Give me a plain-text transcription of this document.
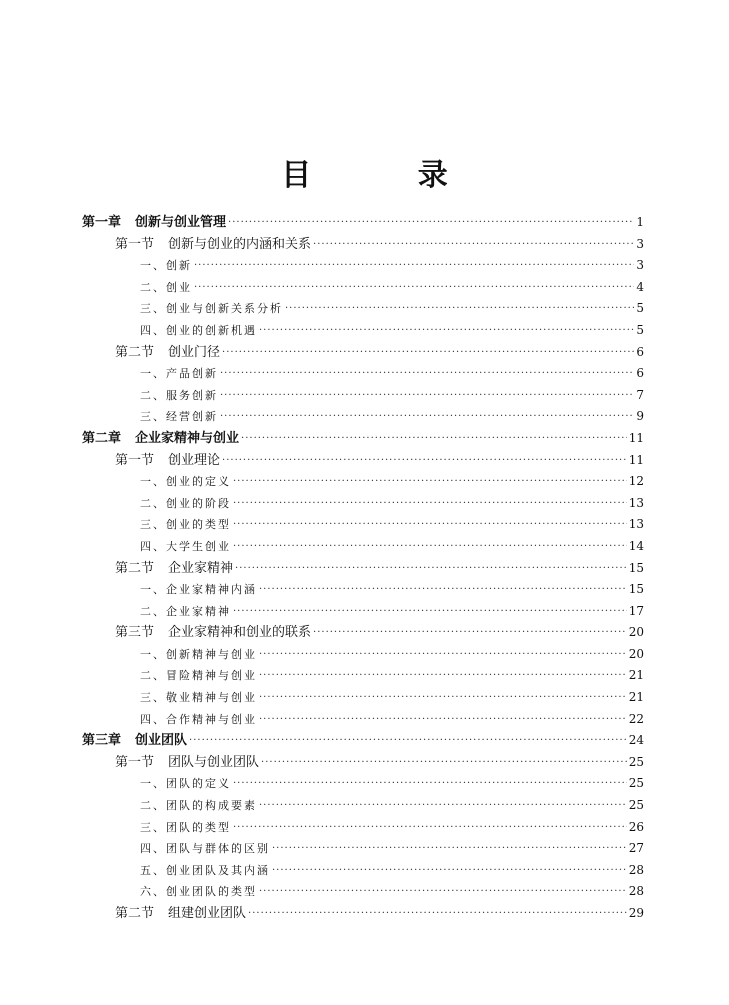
目 录
第一章 创新与创业管理 ·····	1
第一节 创新与创业的内涵和关系 ·····	3
一、创新 ·····	3
二、创业 ·····	4
三、创业与创新关系分析 ·····	5
四、创业的创新机遇 ·····	5
第二节 创业门径 ·····	6
一、产品创新 ·····	6
二、服务创新 ·····	7
三、经营创新 ·····	9
第二章 企业家精神与创业 ·····	11
第一节 创业理论 ·····	11
一、创业的定义 ·····	12
二、创业的阶段 ·····	13
三、创业的类型 ·····	13
四、大学生创业 ·····	14
第二节 企业家精神 ·····	15
一、企业家精神内涵 ·····	15
二、企业家精神 ·····	17
第三节 企业家精神和创业的联系 ·····	20
一、创新精神与创业 ·····	20
二、冒险精神与创业 ·····	21
三、敬业精神与创业 ·····	21
四、合作精神与创业 ·····	22
第三章 创业团队 ·····	24
第一节 团队与创业团队 ·····	25
一、团队的定义 ·····	25
二、团队的构成要素 ·····	25
三、团队的类型 ·····	26
四、团队与群体的区别 ·····	27
五、创业团队及其内涵 ·····	28
六、创业团队的类型 ·····	28
第二节 组建创业团队 ·····	29
